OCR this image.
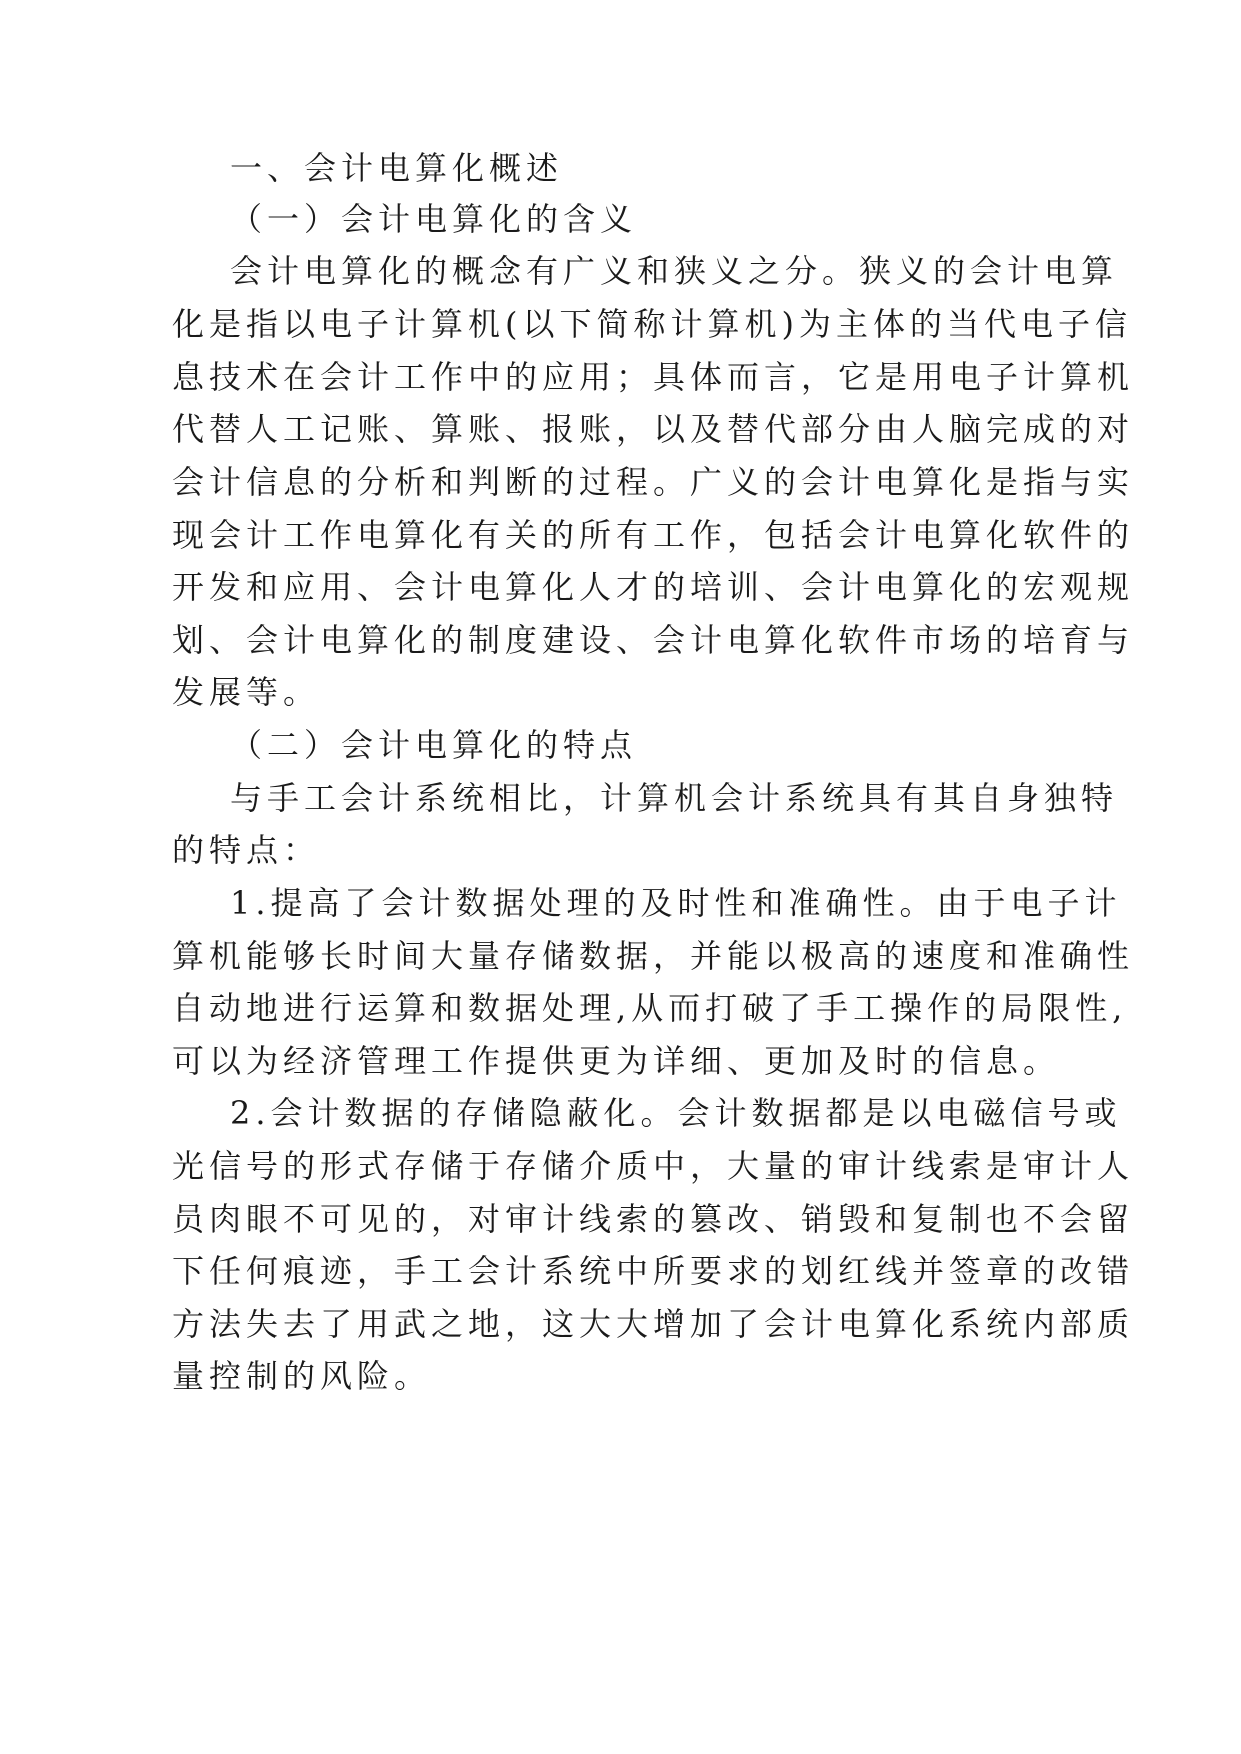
一、会计电算化概述
（一）会计电算化的含义
会计电算化的概念有广义和狭义之分。狭义的会计电算
化是指以电子计算机(以下简称计算机)为主体的当代电子信
息技术在会计工作中的应用；具体而言，它是用电子计算机
代替人工记账、算账、报账，以及替代部分由人脑完成的对
会计信息的分析和判断的过程。广义的会计电算化是指与实
现会计工作电算化有关的所有工作，包括会计电算化软件的
开发和应用、会计电算化人才的培训、会计电算化的宏观规
划、会计电算化的制度建设、会计电算化软件市场的培育与
发展等。
（二）会计电算化的特点
与手工会计系统相比，计算机会计系统具有其自身独特
的特点：
1.提高了会计数据处理的及时性和准确性。由于电子计
算机能够长时间大量存储数据，并能以极高的速度和准确性
自动地进行运算和数据处理,从而打破了手工操作的局限性,
可以为经济管理工作提供更为详细、更加及时的信息。
2.会计数据的存储隐蔽化。会计数据都是以电磁信号或
光信号的形式存储于存储介质中，大量的审计线索是审计人
员肉眼不可见的，对审计线索的篡改、销毁和复制也不会留
下任何痕迹，手工会计系统中所要求的划红线并签章的改错
方法失去了用武之地，这大大增加了会计电算化系统内部质
量控制的风险。
